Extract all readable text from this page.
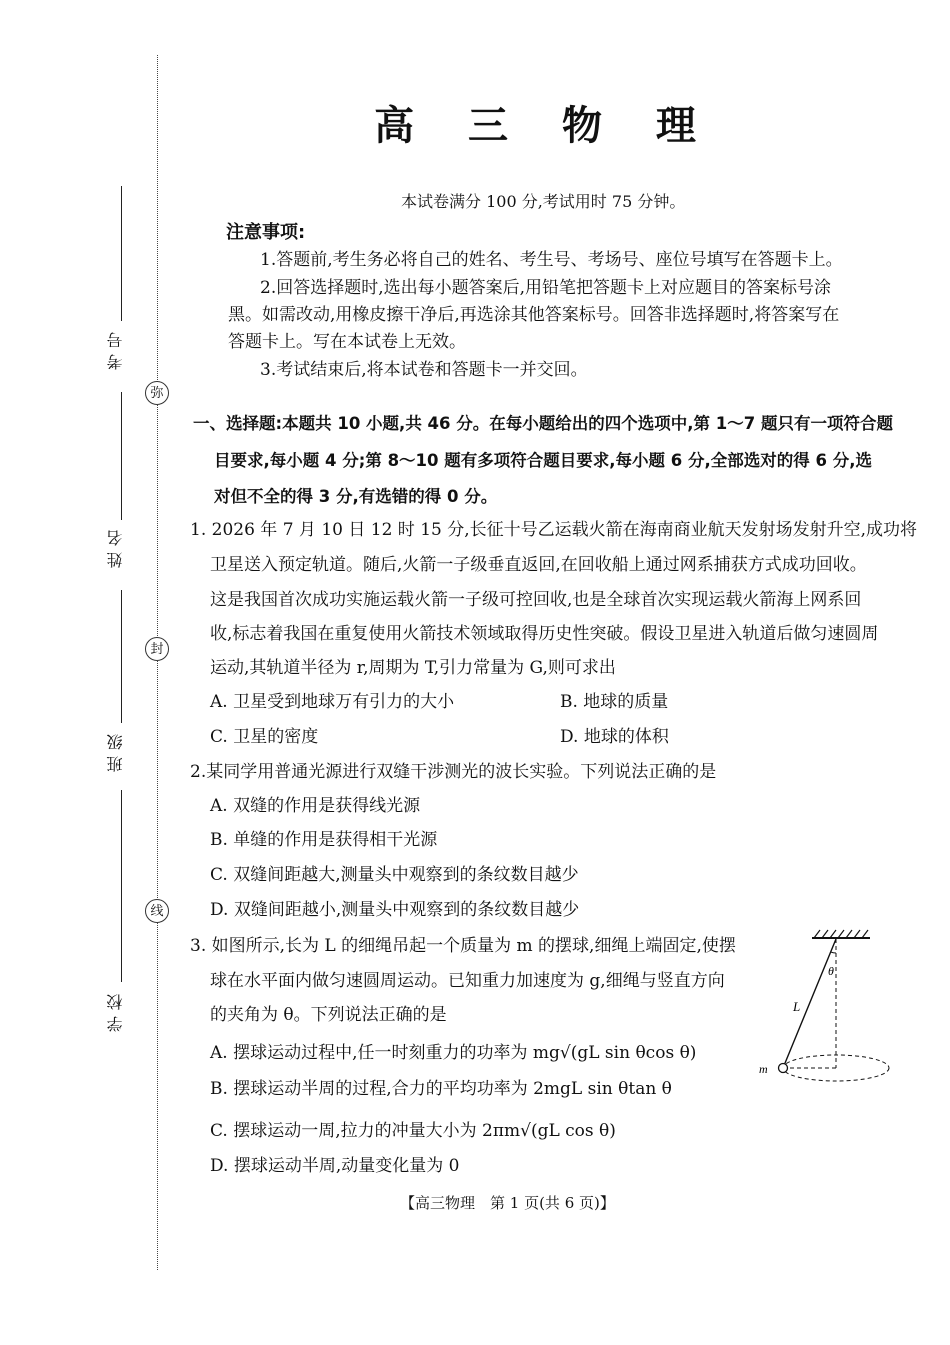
弥
封
线
考号
姓名
班级
学校
高 三 物 理
本试卷满分 100 分,考试用时 75 分钟。
注意事项:
1.答题前,考生务必将自己的姓名、考生号、考场号、座位号填写在答题卡上。
2.回答选择题时,选出每小题答案后,用铅笔把答题卡上对应题目的答案标号涂
黑。如需改动,用橡皮擦干净后,再选涂其他答案标号。回答非选择题时,将答案写在
答题卡上。写在本试卷上无效。
3.考试结束后,将本试卷和答题卡一并交回。
一、选择题:本题共 10 小题,共 46 分。在每小题给出的四个选项中,第 1～7 题只有一项符合题
目要求,每小题 4 分;第 8～10 题有多项符合题目要求,每小题 6 分,全部选对的得 6 分,选
对但不全的得 3 分,有选错的得 0 分。
1. 2026 年 7 月 10 日 12 时 15 分,长征十号乙运载火箭在海南商业航天发射场发射升空,成功将
卫星送入预定轨道。随后,火箭一子级垂直返回,在回收船上通过网系捕获方式成功回收。
这是我国首次成功实施运载火箭一子级可控回收,也是全球首次实现运载火箭海上网系回
收,标志着我国在重复使用火箭技术领域取得历史性突破。假设卫星进入轨道后做匀速圆周
运动,其轨道半径为 r,周期为 T,引力常量为 G,则可求出
A. 卫星受到地球万有引力的大小	B. 地球的质量
C. 卫星的密度	D. 地球的体积
2.某同学用普通光源进行双缝干涉测光的波长实验。下列说法正确的是
A. 双缝的作用是获得线光源
B. 单缝的作用是获得相干光源
C. 双缝间距越大,测量头中观察到的条纹数目越少
D. 双缝间距越小,测量头中观察到的条纹数目越少
3. 如图所示,长为 L 的细绳吊起一个质量为 m 的摆球,细绳上端固定,使摆
球在水平面内做匀速圆周运动。已知重力加速度为 g,细绳与竖直方向
的夹角为 θ。下列说法正确的是
A. 摆球运动过程中,任一时刻重力的功率为 mg√(gL sin θcos θ)
B. 摆球运动半周的过程,合力的平均功率为 2mgL sin θtan θ
C. 摆球运动一周,拉力的冲量大小为 2πm√(gL cos θ)
D. 摆球运动半周,动量变化量为 0
L
θ
m
【高三物理　第 1 页(共 6 页)】
